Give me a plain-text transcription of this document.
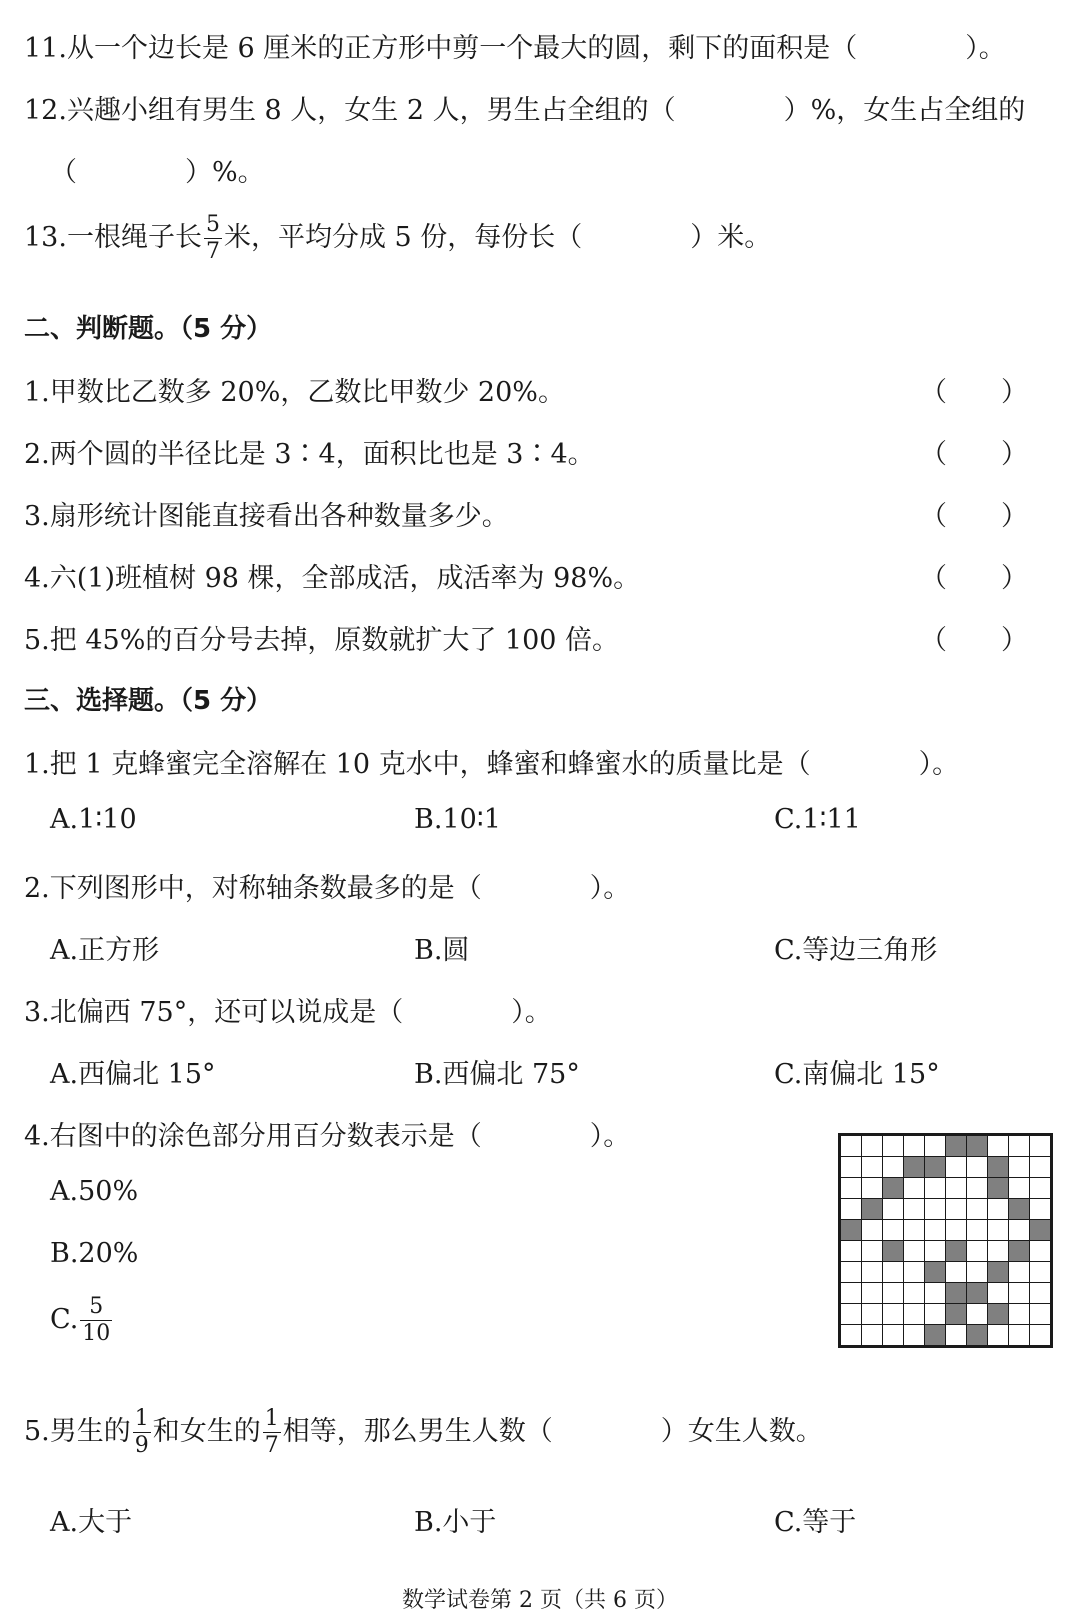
11.从一个边长是 6 厘米的正方形中剪一个最大的圆，剩下的面积是（　　　　）。
12.兴趣小组有男生 8 人，女生 2 人，男生占全组的（　　　　）%，女生占全组的
（　　　　）%。
13.一根绳子长 $\frac{5}{7}$ 米，平均分成 5 份，每份长（　　　　）米。
二、判断题。（5 分）
1.甲数比乙数多 20%，乙数比甲数少 20%。	（　　）
2.两个圆的半径比是 3∶4，面积比也是 3∶4。	（　　）
3.扇形统计图能直接看出各种数量多少。	（　　）
4.六(1)班植树 98 棵，全部成活，成活率为 98%。	（　　）
5.把 45%的百分号去掉，原数就扩大了 100 倍。	（　　）
三、选择题。（5 分）
1.把 1 克蜂蜜完全溶解在 10 克水中，蜂蜜和蜂蜜水的质量比是（　　　　）。
A.1∶10	B.10∶1	C.1∶11
2.下列图形中，对称轴条数最多的是（　　　　）。
A.正方形	B.圆	C.等边三角形
3.北偏西 75°，还可以说成是（　　　　）。
A.西偏北 15°	B.西偏北 75°	C.南偏北 15°
4.右图中的涂色部分用百分数表示是（　　　　）。
A.50%
B.20%
C. $\frac{5}{10}$
5.男生的 $\frac{1}{9}$ 和女生的 $\frac{1}{7}$ 相等，那么男生人数（　　　　）女生人数。
A.大于	B.小于	C.等于
数学试卷第 2 页（共 6 页）
